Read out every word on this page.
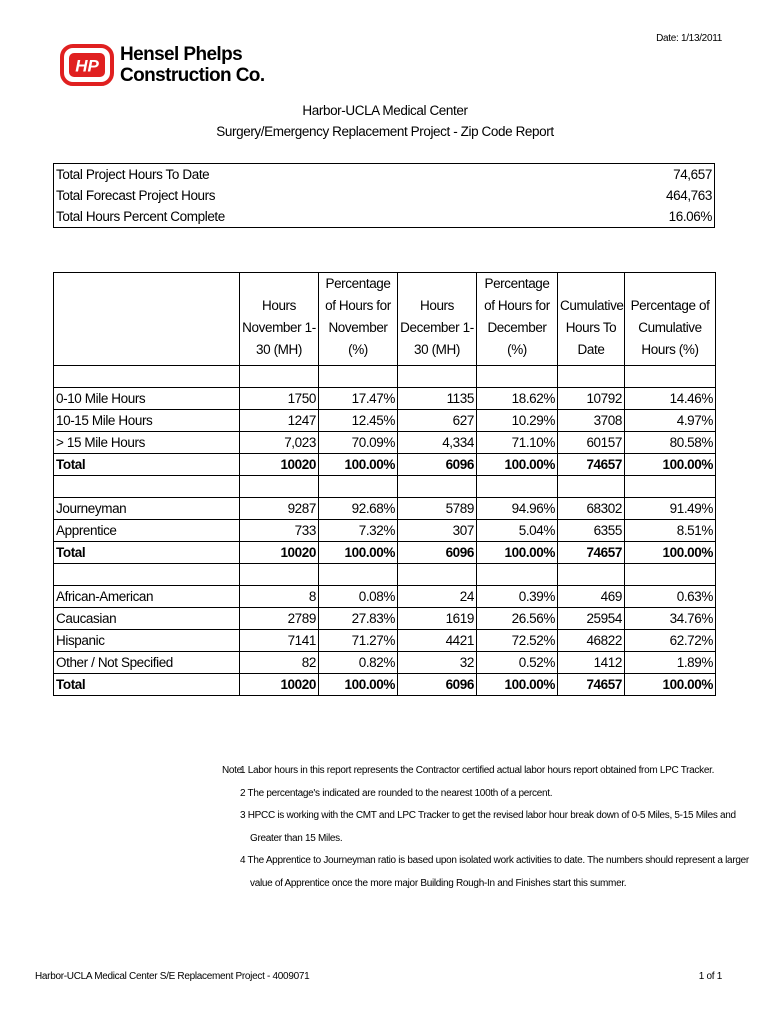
Date: 1/13/2011
HP
Hensel Phelps
Construction Co.
Harbor-UCLA Medical Center
Surgery/Emergency Replacement Project - Zip Code Report
Total Project Hours To Date	74,657
Total Forecast Project Hours	464,763
Total Hours Percent Complete	16.06%
	Hours November 1-30 (MH)	Percentage of Hours for November (%)	Hours December 1-30 (MH)	Percentage of Hours for December (%)	Cumulative Hours To Date	Percentage of Cumulative Hours (%)

0-10 Mile Hours	1750	17.47%	1135	18.62%	10792	14.46%
10-15 Mile Hours	1247	12.45%	627	10.29%	3708	4.97%
> 15 Mile Hours	7,023	70.09%	4,334	71.10%	60157	80.58%
Total	10020	100.00%	6096	100.00%	74657	100.00%

Journeyman	9287	92.68%	5789	94.96%	68302	91.49%
Apprentice	733	7.32%	307	5.04%	6355	8.51%
Total	10020	100.00%	6096	100.00%	74657	100.00%

African-American	8	0.08%	24	0.39%	469	0.63%
Caucasian	2789	27.83%	1619	26.56%	25954	34.76%
Hispanic	7141	71.27%	4421	72.52%	46822	62.72%
Other / Not Specified	82	0.82%	32	0.52%	1412	1.89%
Total	10020	100.00%	6096	100.00%	74657	100.00%
Note
1 Labor hours in this report represents the Contractor certified actual labor hours report obtained from LPC Tracker.
2 The percentage's indicated are rounded to the nearest 100th of a percent.
3 HPCC is working with the CMT and LPC Tracker to get the revised labor hour break down of 0-5 Miles, 5-15 Miles and
Greater than 15 Miles.
4 The Apprentice to Journeyman ratio is based upon isolated work activities to date. The numbers should represent a larger
value of Apprentice once the more major Building Rough-In and Finishes start this summer.
Harbor-UCLA Medical Center S/E Replacement Project - 4009071	1 of 1
